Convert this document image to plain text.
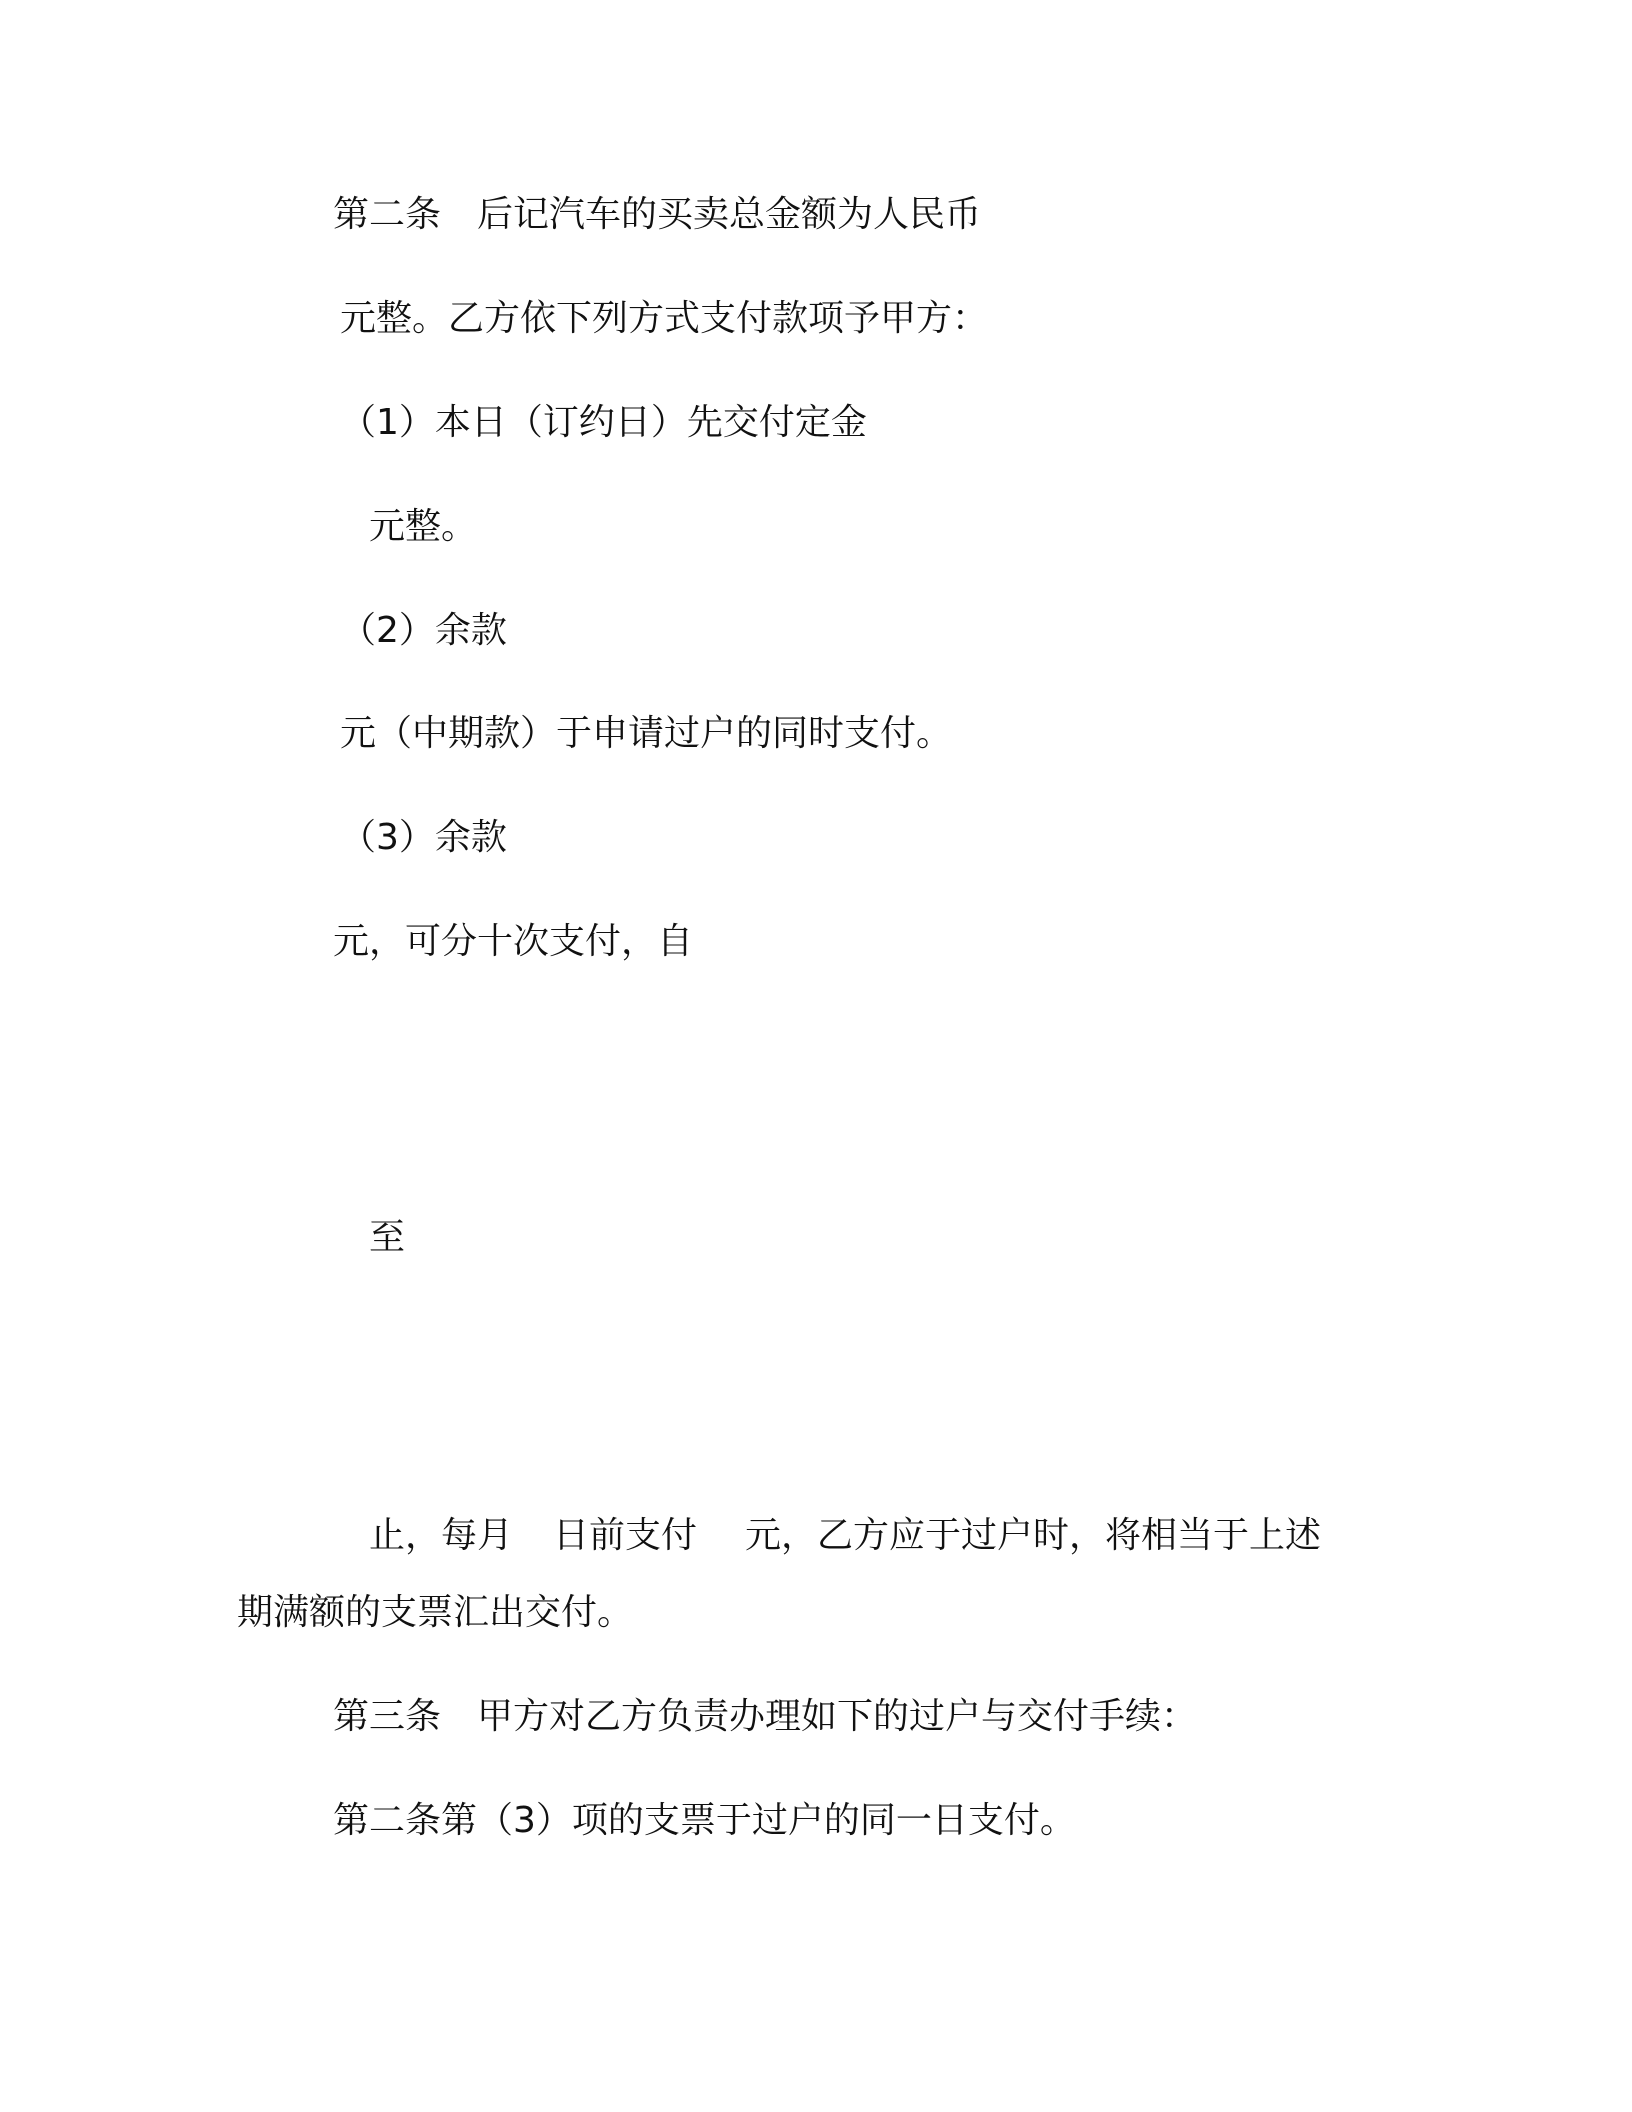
第二条　后记汽车的买卖总金额为人民币
元整。乙方依下列方式支付款项予甲方：
（1）本日（订约日）先交付定金
元整。
（2）余款
元（中期款）于申请过户的同时支付。
（3）余款
元，可分十次支付，自
至
止，每月 日前支付 元，乙方应于过户时，将相当于上述
期满额的支票汇出交付。
第三条　甲方对乙方负责办理如下的过户与交付手续：
第二条第（3）项的支票于过户的同一日支付。
